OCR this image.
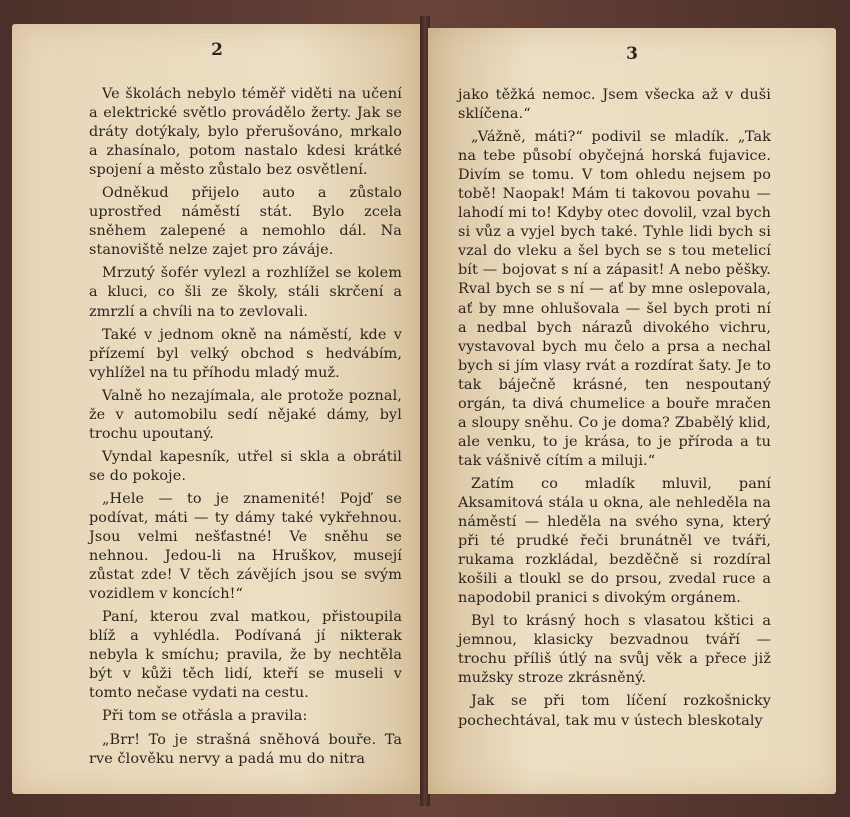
2

Ve školách nebylo téměř viděti na učení a elektrické světlo provádělo žerty. Jak se dráty dotýkaly, bylo přerušováno, mrkalo a zhasínalo, potom nastalo kdesi krátké spojení a město zůstalo bez osvětlení.

Odněkud přijelo auto a zůstalo uprostřed náměstí stát. Bylo zcela sněhem zalepené a nemohlo dál. Na stanoviště nelze zajet pro záváje.

Mrzutý šofér vylezl a rozhlížel se kolem a kluci, co šli ze školy, stáli skrčení a zmrzlí a chvíli na to zevlovali.

Také v jednom okně na náměstí, kde v přízemí byl velký obchod s hedvábím, vyhlížel na tu příhodu mladý muž.

Valně ho nezajímala, ale protože poznal, že v automobilu sedí nějaké dámy, byl trochu upoutaný.

Vyndal kapesník, utřel si skla a obrátil se do pokoje.

„Hele — to je znamenité! Pojď se podívat, máti — ty dámy také vykřehnou. Jsou velmi nešťastné! Ve sněhu se nehnou. Jedou-li na Hruškov, musejí zůstat zde! V těch závějích jsou se svým vozidlem v koncích!“

Paní, kterou zval matkou, přistoupila blíž a vyhlédla. Podívaná jí nikterak nebyla k smíchu; pravila, že by nechtěla být v kůži těch lidí, kteří se museli v tomto nečase vydati na cestu.

Při tom se otřásla a pravila:

„Brr! To je strašná sněhová bouře. Ta rve člověku nervy a padá mu do nitra

3

jako těžká nemoc. Jsem všecka až v duši sklíčena.“

„Vážně, máti?“ podivil se mladík. „Tak na tebe působí obyčejná horská fujavice. Divím se tomu. V tom ohledu nejsem po tobě! Naopak! Mám ti takovou povahu — lahodí mi to! Kdyby otec dovolil, vzal bych si vůz a vyjel bych také. Tyhle lidi bych si vzal do vleku a šel bych se s tou metelicí bít — bojovat s ní a zápasit! A nebo pěšky. Rval bych se s ní — ať by mne oslepovala, ať by mne ohlušovala — šel bych proti ní a nedbal bych nárazů divokého vichru, vystavoval bych mu čelo a prsa a nechal bych si jím vlasy rvát a rozdírat šaty. Je to tak báječně krásné, ten nespoutaný orgán, ta divá chumelice a bouře mračen a sloupy sněhu. Co je doma? Zbabělý klid, ale venku, to je krása, to je příroda a tu tak vášnivě cítím a miluji.“

Zatím co mladík mluvil, paní Aksamitová stála u okna, ale nehleděla na náměstí — hleděla na svého syna, který při té prudké řeči brunátněl ve tváři, rukama rozkládal, bezděčně si rozdíral košili a tloukl se do prsou, zvedal ruce a napodobil pranici s divokým orgánem.

Byl to krásný hoch s vlasatou kštici a jemnou, klasicky bezvadnou tváří — trochu příliš útlý na svůj věk a přece již mužsky stroze zkrásněný.

Jak se při tom líčení rozkošnicky pochechtával, tak mu v ústech bleskotaly
